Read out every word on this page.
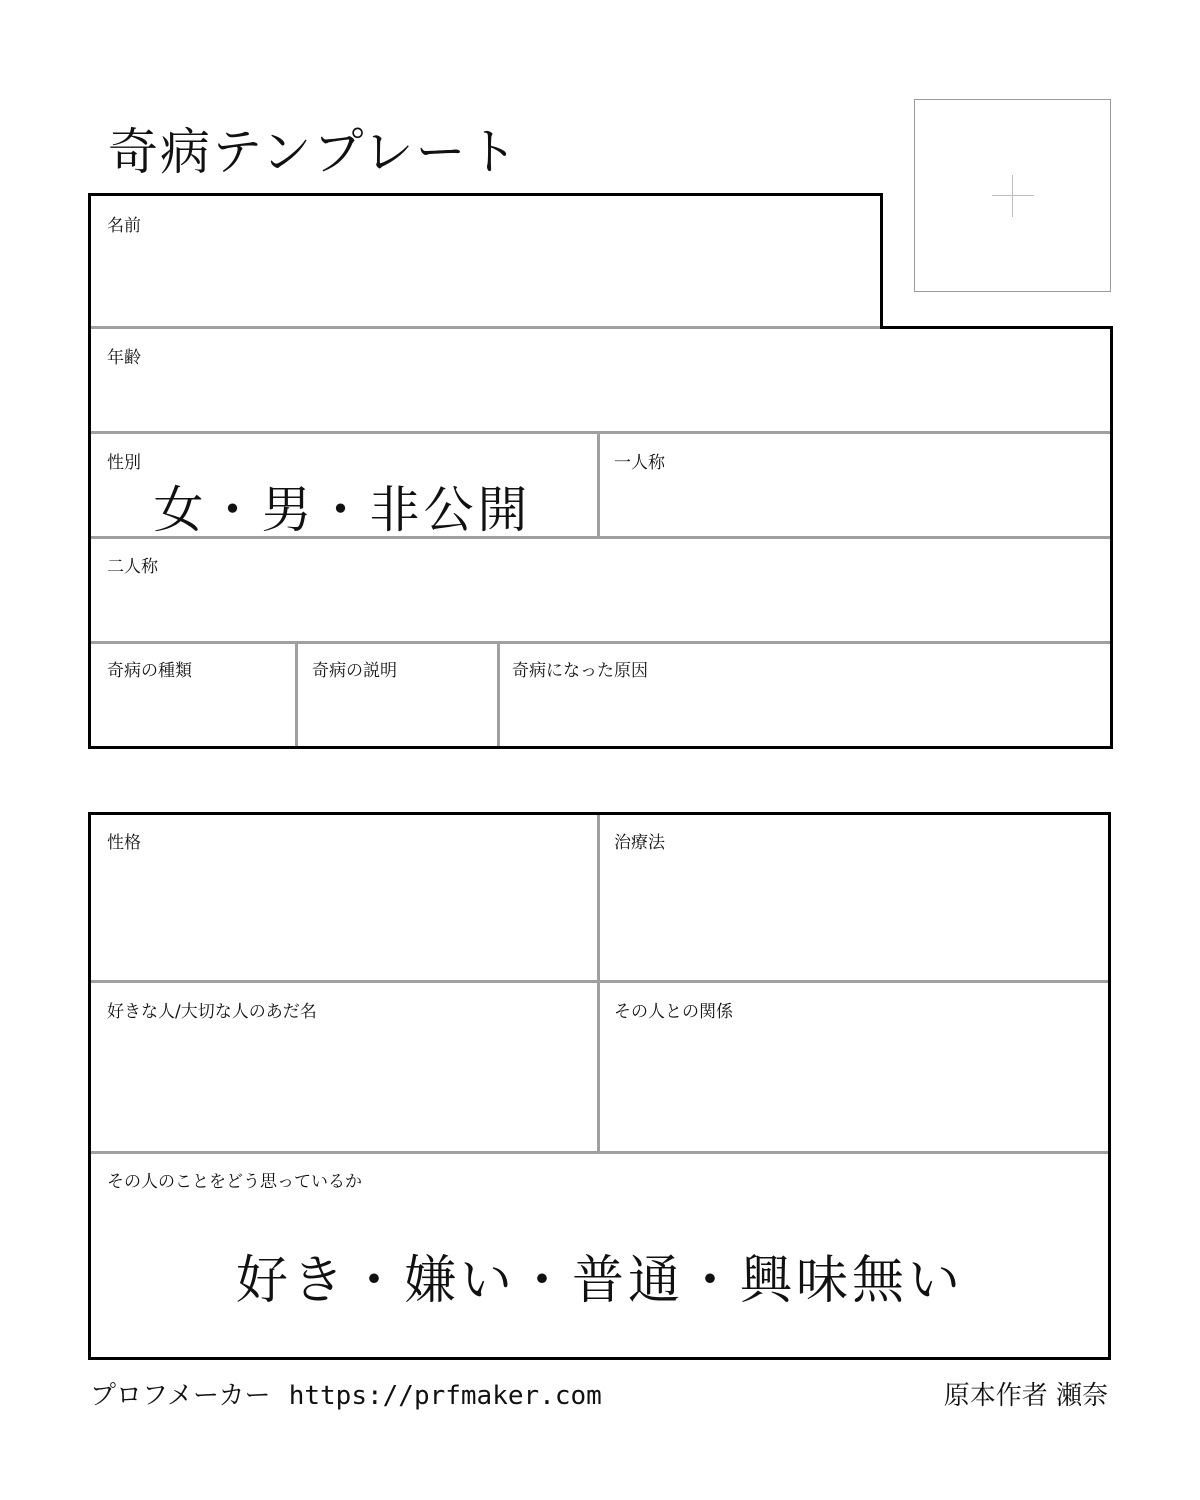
奇病テンプレート
名前
年齢
性別
女・男・非公開
一人称
二人称
奇病の種類	奇病の説明	奇病になった原因
性格	治療法
好きな人/大切な人のあだ名	その人との関係
その人のことをどう思っているか
好き・嫌い・普通・興味無い
プロフメーカー https://prfmaker.com	原本作者 瀬奈
